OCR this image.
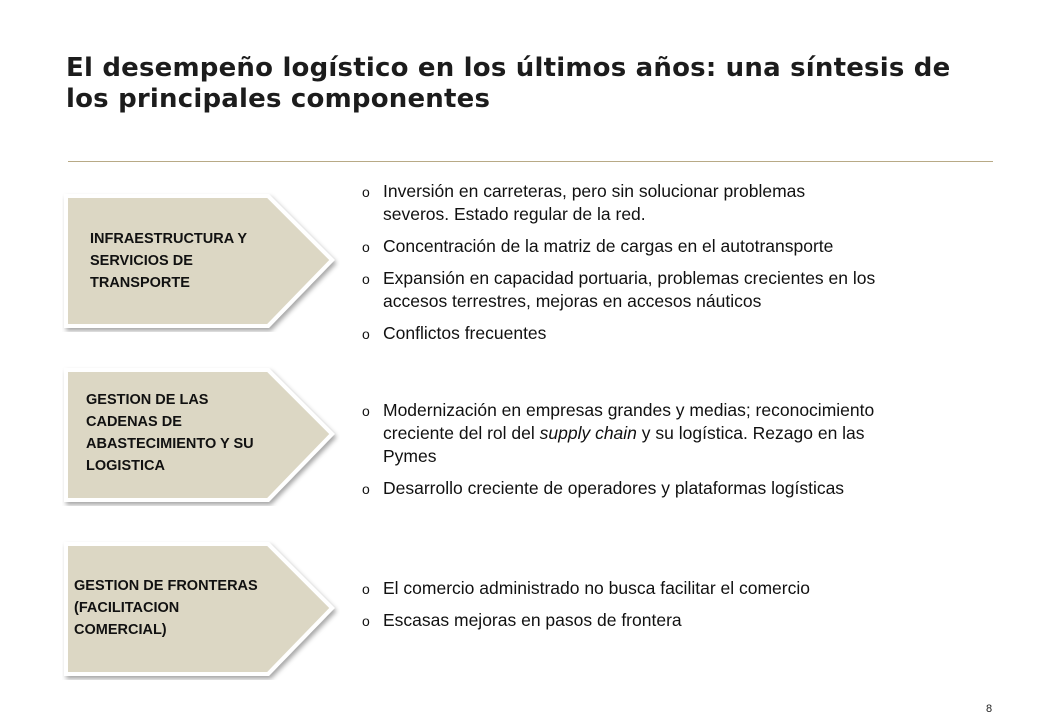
El desempeño logístico en los últimos años: una síntesis de los principales componentes
INFRAESTRUCTURA Y
SERVICIOS DE
TRANSPORTE
GESTION DE LAS
CADENAS DE
ABASTECIMIENTO Y SU
LOGISTICA
GESTION DE FRONTERAS
(FACILITACION
COMERCIAL)
o Inversión en carreteras, pero sin solucionar problemas
severos. Estado regular de la red.
o Concentración de la matriz de cargas en el autotransporte
o Expansión en capacidad portuaria, problemas crecientes en los
accesos terrestres, mejoras en accesos náuticos
o Conflictos frecuentes
o Modernización en empresas grandes y medias; reconocimiento
creciente del rol del supply chain y su logística. Rezago en las
Pymes
o Desarrollo creciente de operadores y plataformas logísticas
o El comercio administrado no busca facilitar el comercio
o Escasas mejoras en pasos de frontera
8
